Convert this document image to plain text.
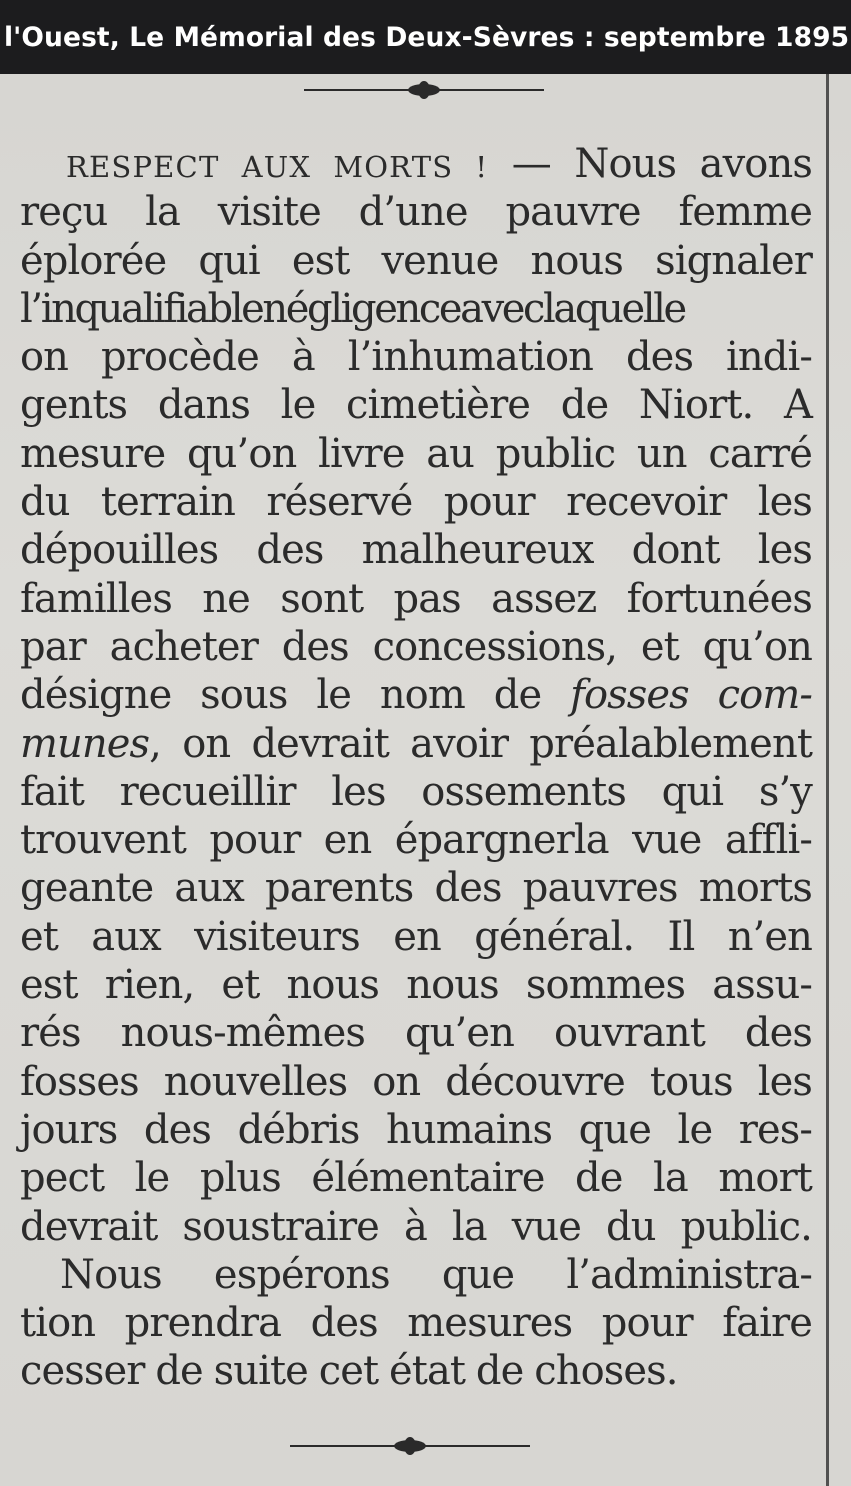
l'Ouest, Le Mémorial des Deux-Sèvres : septembre 1895
RESPECT AUX MORTS ! — Nous avons
reçu la visite d’une pauvre femme
éplorée qui est venue nous signaler
l’inqualifiablenégligenceaveclaquelle
on procède à l’inhumation des indi-
gents dans le cimetière de Niort. A
mesure qu’on livre au public un carré
du terrain réservé pour recevoir les
dépouilles des malheureux dont les
familles ne sont pas assez fortunées
par acheter des concessions, et qu’on
désigne sous le nom de fosses com-
munes, on devrait avoir préalablement
fait recueillir les ossements qui s’y
trouvent pour en épargnerla vue affli-
geante aux parents des pauvres morts
et aux visiteurs en général. Il n’en
est rien, et nous nous sommes assu-
rés nous-mêmes qu’en ouvrant des
fosses nouvelles on découvre tous les
jours des débris humains que le res-
pect le plus élémentaire de la mort
devrait soustraire à la vue du public.
Nous espérons que l’administra-
tion prendra des mesures pour faire
cesser de suite cet état de choses.
